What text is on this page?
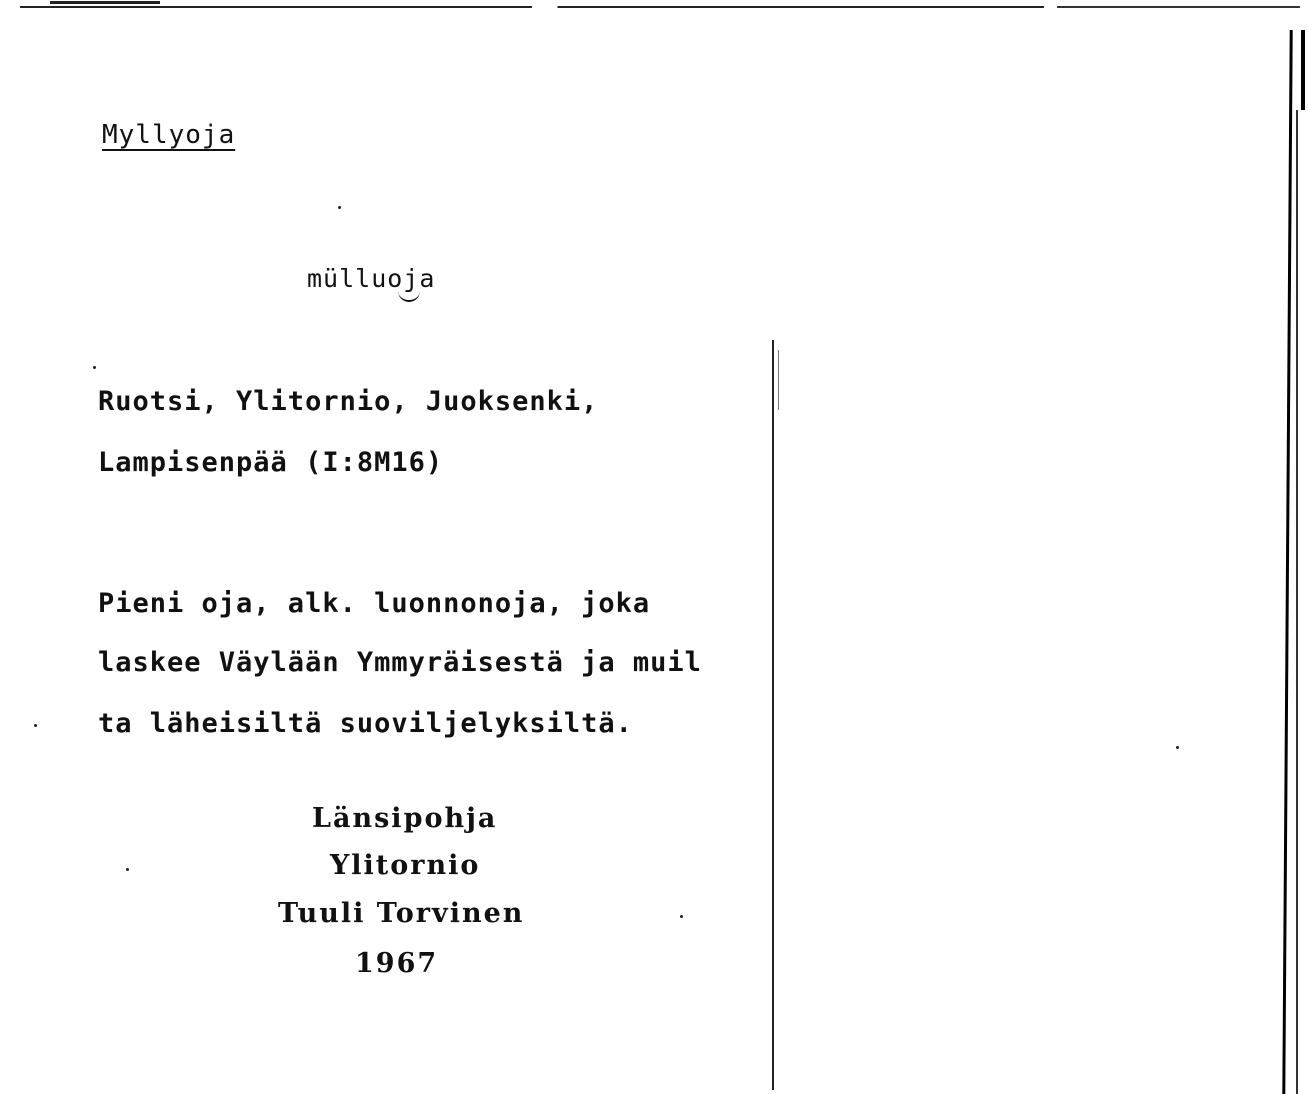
Myllyoja
mülluoja
Ruotsi, Ylitornio, Juoksenki,
Lampisenpää (I:8M16)
Pieni oja, alk. luonnonoja, joka
laskee Väylään Ymmyräisestä ja muil
ta läheisiltä suoviljelyksiltä.
Länsipohja
Ylitornio
Tuuli Torvinen
1967
